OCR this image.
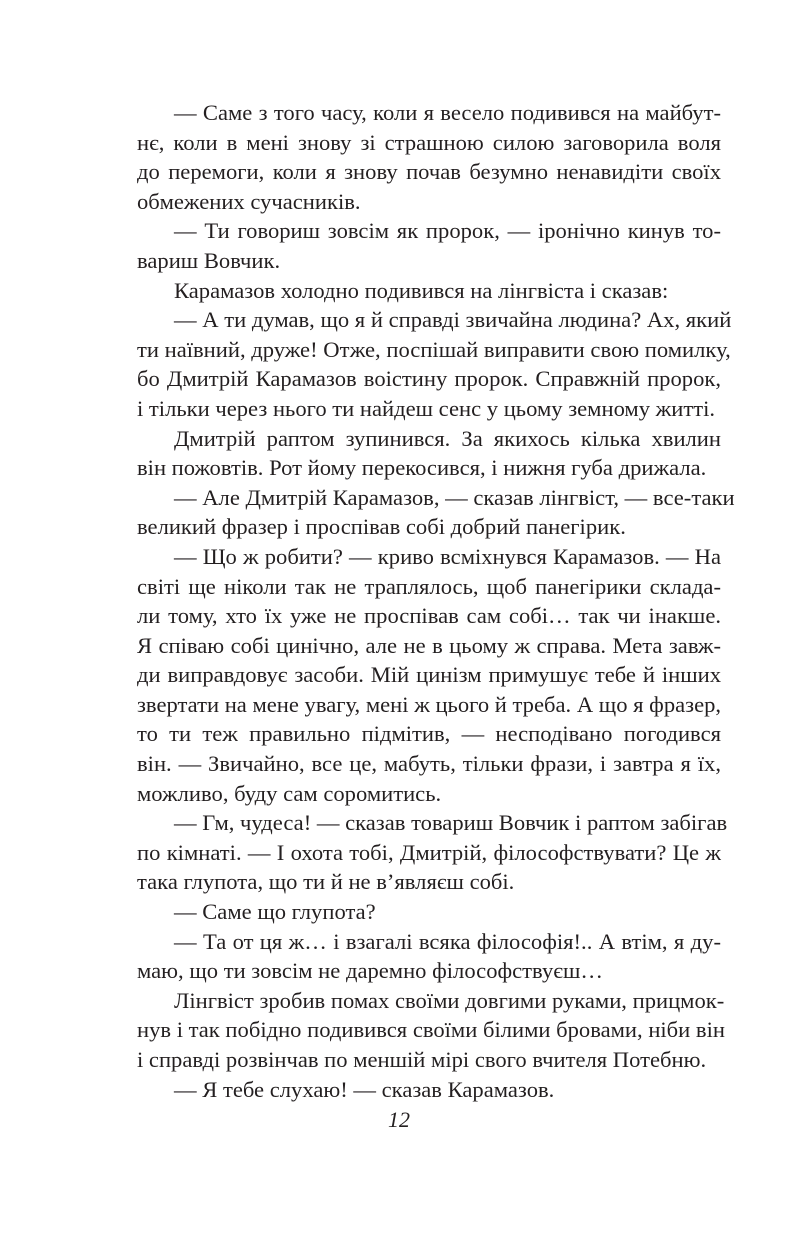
— Саме з того часу, коли я весело подивився на майбут-
нє, коли в мені знову зі страшною силою заговорила воля
до перемоги, коли я знову почав безумно ненавидіти своїх
обмежених сучасників.
— Ти говориш зовсім як пророк, — іронічно кинув то-
вариш Вовчик.
Карамазов холодно подивився на лінгвіста і сказав:
— А ти думав, що я й справді звичайна людина? Ах, який
ти наївний, друже! Отже, поспішай виправити свою помилку,
бо Дмитрій Карамазов воістину пророк. Справжній пророк,
і тільки через нього ти найдеш сенс у цьому земному житті.
Дмитрій раптом зупинився. За якихось кілька хвилин
він пожовтів. Рот йому перекосився, і нижня губа дрижала.
— Але Дмитрій Карамазов, — сказав лінгвіст, — все-таки
великий фразер і проспівав собі добрий панегірик.
— Що ж робити? — криво всміхнувся Карамазов. — На
світі ще ніколи так не траплялось, щоб панегірики склада-
ли тому, хто їх уже не проспівав сам собі… так чи інакше.
Я співаю собі цинічно, але не в цьому ж справа. Мета завж-
ди виправдовує засоби. Мій цинізм примушує тебе й інших
звертати на мене увагу, мені ж цього й треба. А що я фразер,
то ти теж правильно підмітив, — несподівано погодився
він. — Звичайно, все це, мабуть, тільки фрази, і завтра я їх,
можливо, буду сам соромитись.
— Гм, чудеса! — сказав товариш Вовчик і раптом забігав
по кімнаті. — І охота тобі, Дмитрій, філософствувати? Це ж
така глупота, що ти й не в’являєш собі.
— Саме що глупота?
— Та от ця ж… і взагалі всяка філософія!.. А втім, я ду-
маю, що ти зовсім не даремно філософствуєш…
Лінгвіст зробив помах своїми довгими руками, прицмок-
нув і так побідно подивився своїми білими бровами, ніби він
і справді розвінчав по меншій мірі свого вчителя Потебню.
— Я тебе слухаю! — сказав Карамазов.
12
